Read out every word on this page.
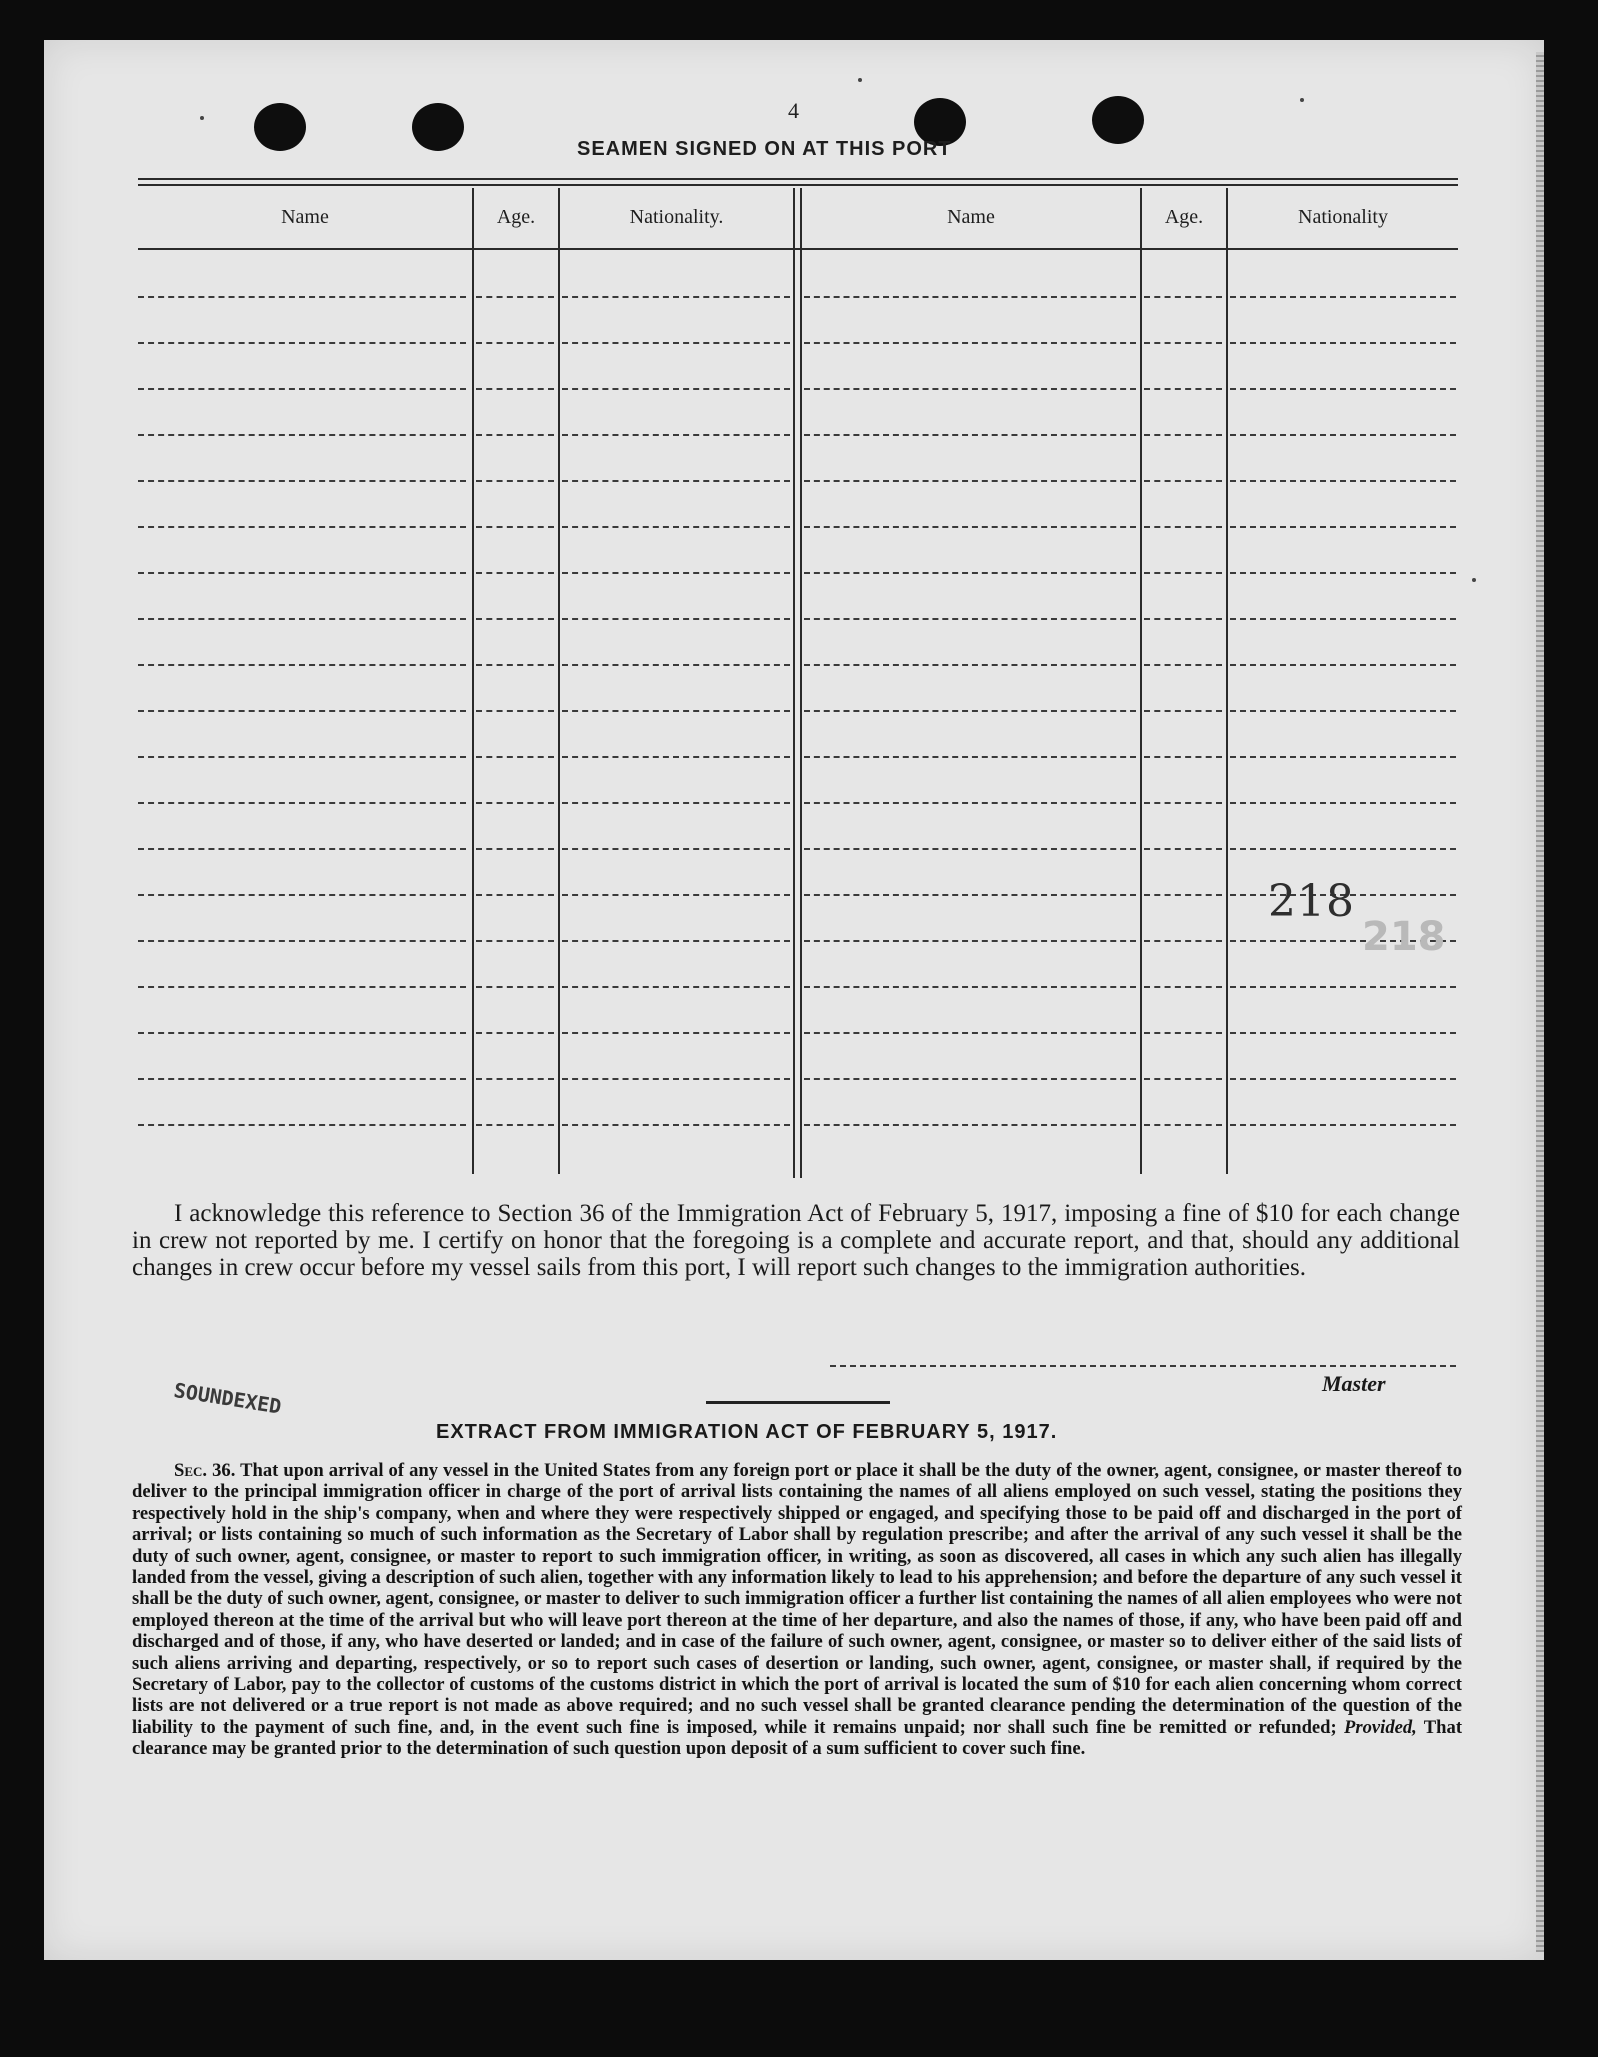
4
SEAMEN SIGNED ON AT THIS PORT
Name	Age.	Nationality.	Name	Age.	Nationality
218
218
I acknowledge this reference to Section 36 of the Immigration Act of February 5, 1917, imposing a fine of $10 for each change in crew not reported by me. I certify on honor that the foregoing is a complete and accurate report, and that, should any additional changes in crew occur before my vessel sails from this port, I will report such changes to the immigration authorities.
Master
SOUNDEXED
EXTRACT FROM IMMIGRATION ACT OF FEBRUARY 5, 1917.
Sec. 36. That upon arrival of any vessel in the United States from any foreign port or place it shall be the duty of the owner, agent, consignee, or master thereof to deliver to the principal immigration officer in charge of the port of arrival lists containing the names of all aliens employed on such vessel, stating the positions they respectively hold in the ship's company, when and where they were respectively shipped or engaged, and specifying those to be paid off and discharged in the port of arrival; or lists containing so much of such information as the Secretary of Labor shall by regulation prescribe; and after the arrival of any such vessel it shall be the duty of such owner, agent, consignee, or master to report to such immigration officer, in writing, as soon as discovered, all cases in which any such alien has illegally landed from the vessel, giving a description of such alien, together with any information likely to lead to his apprehension; and before the departure of any such vessel it shall be the duty of such owner, agent, consignee, or master to deliver to such immigration officer a further list containing the names of all alien employees who were not employed thereon at the time of the arrival but who will leave port thereon at the time of her departure, and also the names of those, if any, who have been paid off and discharged and of those, if any, who have deserted or landed; and in case of the failure of such owner, agent, consignee, or master so to deliver either of the said lists of such aliens arriving and departing, respectively, or so to report such cases of desertion or landing, such owner, agent, consignee, or master shall, if required by the Secretary of Labor, pay to the collector of customs of the customs district in which the port of arrival is located the sum of $10 for each alien concerning whom correct lists are not delivered or a true report is not made as above required; and no such vessel shall be granted clearance pending the determination of the question of the liability to the payment of such fine, and, in the event such fine is imposed, while it remains unpaid; nor shall such fine be remitted or refunded; Provided, That clearance may be granted prior to the determination of such question upon deposit of a sum sufficient to cover such fine.
